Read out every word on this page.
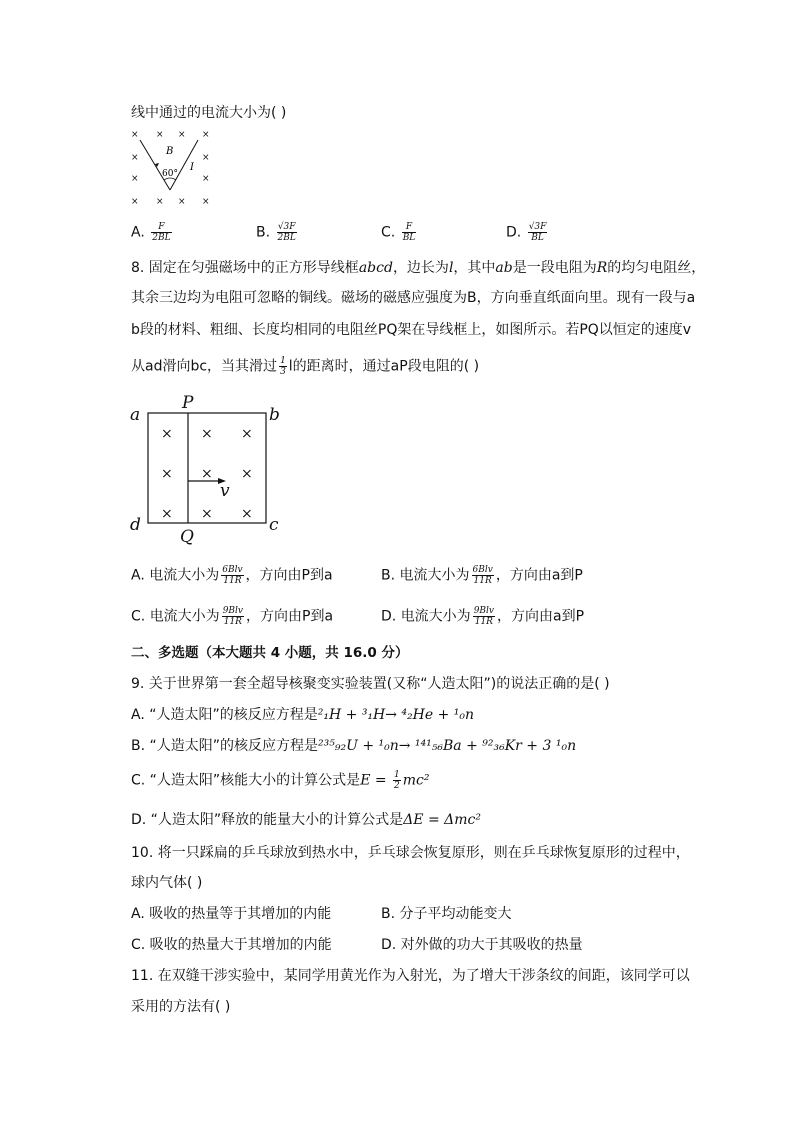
线中通过的电流大小为( )
× × × ×
×	×
×	×
× × × ×
B
I
60°
A. $\frac{F}{2BL}$	B. $\frac{√3F}{2BL}$	C. $\frac{F}{BL}$	D. $\frac{√3F}{BL}$
8. 固定在匀强磁场中的正方形导线框abcd，边长为l，其中ab是一段电阻为R的均匀电阻丝，
其余三边均为电阻可忽略的铜线。磁场的磁感应强度为B，方向垂直纸面向里。现有一段与a
b段的材料、粗细、长度均相同的电阻丝PQ架在导线框上，如图所示。若PQ以恒定的速度v
从ad滑向bc，当其滑过 $\frac{1}{3}$ l的距离时，通过aP段电阻的( )
× × ×
× × ×
× × ×
a	b
c
d
P
Q
v
A. 电流大小为 $\frac{\text{6Blv}}{11R}$ ，方向由P到a	B. 电流大小为 $\frac{\text{6Blv}}{11R}$ ，方向由a到P
C. 电流大小为 $\frac{\text{9Blv}}{11R}$ ，方向由P到a	D. 电流大小为 $\frac{\text{9Blv}}{11R}$ ，方向由a到P
二、多选题（本大题共 4 小题，共 16.0 分）
9. 关于世界第一套全超导核聚变实验装置(又称“人造太阳”)的说法正确的是( )
A. “人造太阳”的核反应方程是²₁H + ³₁H→ ⁴₂He + ¹₀n
B. “人造太阳”的核反应方程是²³⁵₉₂U + ¹₀n→ ¹⁴¹₅₆Ba + ⁹²₃₆Kr + 3 ¹₀n
C. “人造太阳”核能大小的计算公式是$E = \frac{1}{2} mc^2$
D. “人造太阳”释放的能量大小的计算公式是ΔE = Δmc²
10. 将一只踩扁的乒乓球放到热水中，乒乓球会恢复原形，则在乒乓球恢复原形的过程中，
球内气体( )
A. 吸收的热量等于其增加的内能	B. 分子平均动能变大
C. 吸收的热量大于其增加的内能	D. 对外做的功大于其吸收的热量
11. 在双缝干涉实验中，某同学用黄光作为入射光，为了增大干涉条纹的间距，该同学可以
采用的方法有( )
